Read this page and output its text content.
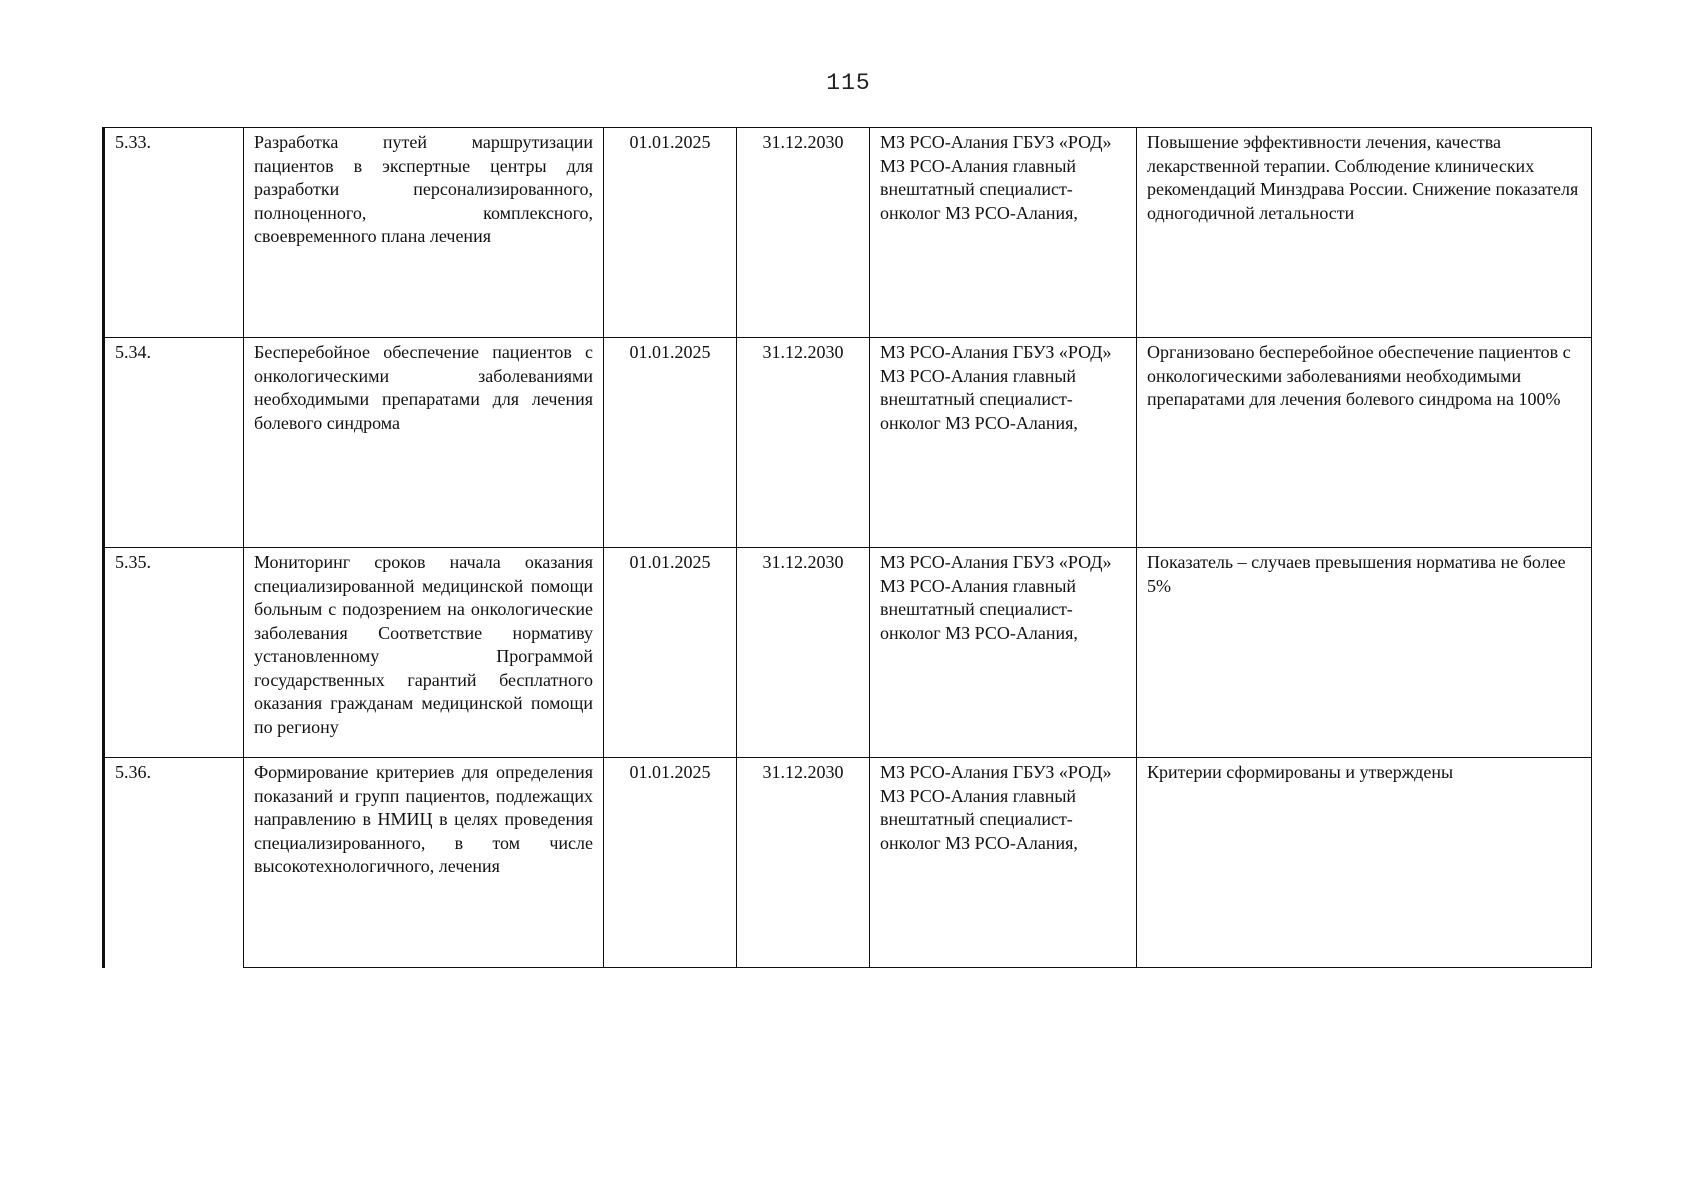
115
5.33.	Разработка путей маршрутизации пациентов в экспертные центры для разработки персонализированного, полноценного, комплексного, своевременного плана лечения	01.01.2025	31.12.2030	МЗ РСО-Алания ГБУЗ «РОД» МЗ РСО-Алания главный внештатный специалист-онколог МЗ РСО-Алания,	Повышение эффективности лечения, качества лекарственной терапии. Соблюдение клинических рекомендаций Минздрава России. Снижение показателя одногодичной летальности
5.34.	Бесперебойное обеспечение пациентов с онкологическими заболеваниями необходимыми препаратами для лечения болевого синдрома	01.01.2025	31.12.2030	МЗ РСО-Алания ГБУЗ «РОД» МЗ РСО-Алания главный внештатный специалист-онколог МЗ РСО-Алания,	Организовано бесперебойное обеспечение пациентов с онкологическими заболеваниями необходимыми препаратами для лечения болевого синдрома на 100%
5.35.	Мониторинг сроков начала оказания специализированной медицинской помощи больным с подозрением на онкологические заболевания Соответствие нормативу установленному Программой государственных гарантий бесплатного оказания гражданам медицинской помощи по региону	01.01.2025	31.12.2030	МЗ РСО-Алания ГБУЗ «РОД» МЗ РСО-Алания главный внештатный специалист-онколог МЗ РСО-Алания,	Показатель – случаев превышения норматива не более 5%
5.36.	Формирование критериев для определения показаний и групп пациентов, подлежащих направлению в НМИЦ в целях проведения специализированного, в том числе высокотехнологичного, лечения	01.01.2025	31.12.2030	МЗ РСО-Алания ГБУЗ «РОД» МЗ РСО-Алания главный внештатный специалист-онколог МЗ РСО-Алания,	Критерии сформированы и утверждены
